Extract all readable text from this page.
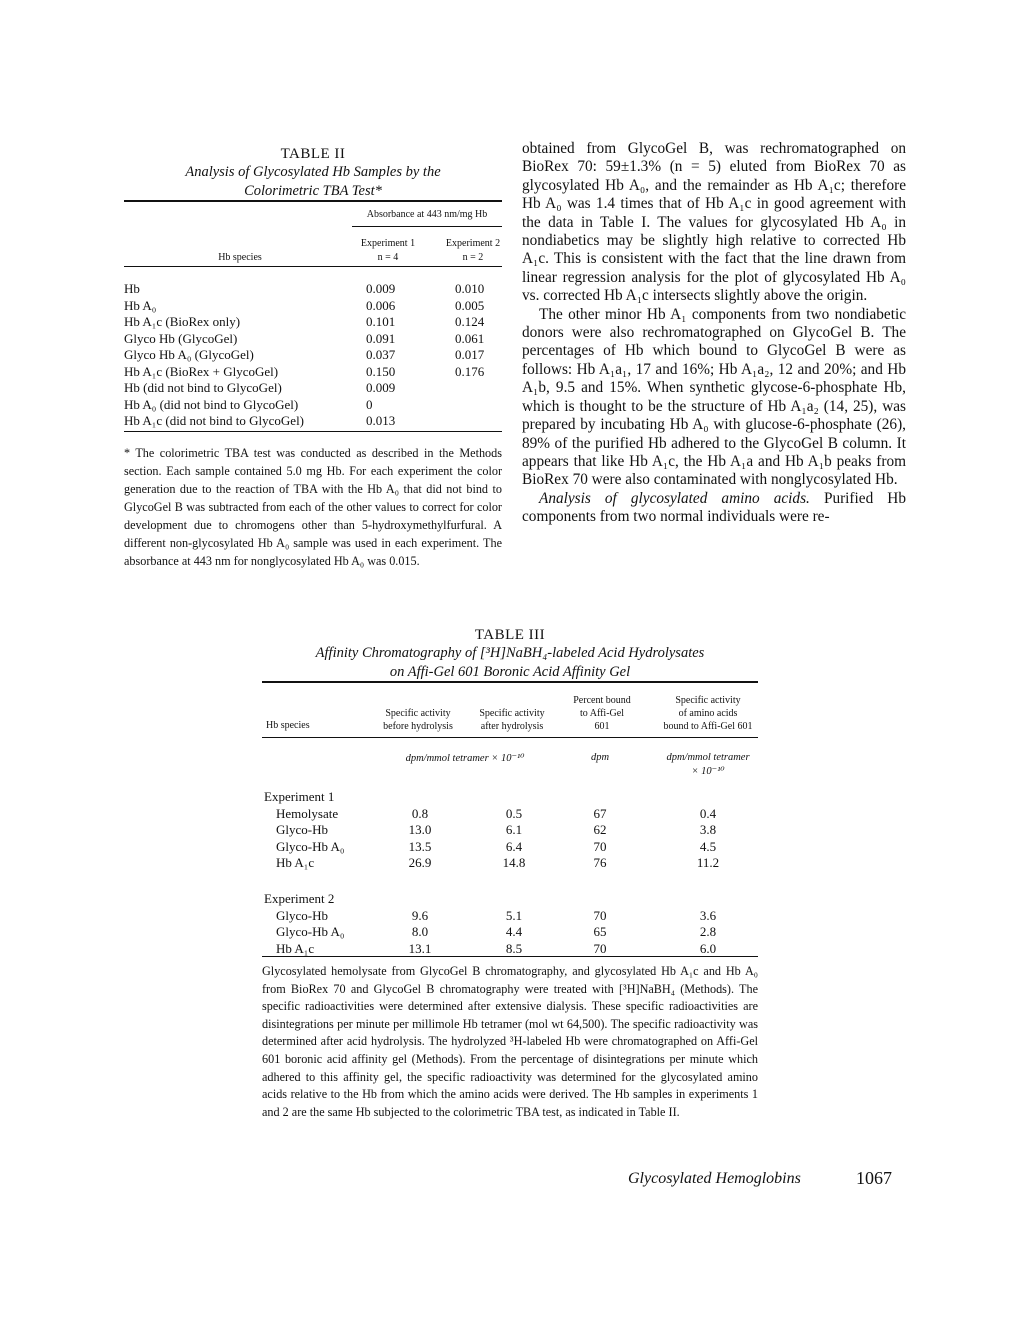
TABLE II
Analysis of Glycosylated Hb Samples by the
Colorimetric TBA Test*
Absorbance at 443 nm/mg Hb
Experiment 1
n = 4
Experiment 2
n = 2
Hb species
Hb	0.009	0.010
Hb A₀	0.006	0.005
Hb A₁c (BioRex only)	0.101	0.124
Glyco Hb (GlycoGel)	0.091	0.061
Glyco Hb A₀ (GlycoGel)	0.037	0.017
Hb A₁c (BioRex + GlycoGel)	0.150	0.176
Hb (did not bind to GlycoGel)	0.009
Hb A₀ (did not bind to GlycoGel)	0
Hb A₁c (did not bind to GlycoGel)	0.013
* The colorimetric TBA test was conducted as described in the Methods section. Each sample contained 5.0 mg Hb. For each experiment the color generation due to the reaction of TBA with the Hb A₀ that did not bind to GlycoGel B was subtracted from each of the other values to correct for color development due to chromogens other than 5-hydroxymethylfurfural. A different non-glycosylated Hb A₀ sample was used in each experiment. The absorbance at 443 nm for nonglycosylated Hb A₀ was 0.015.

obtained from GlycoGel B, was rechromatographed on BioRex 70: 59±1.3% (n = 5) eluted from BioRex 70 as glycosylated Hb A₀, and the remainder as Hb A₁c; therefore Hb A₀ was 1.4 times that of Hb A₁c in good agreement with the data in Table I. The values for glycosylated Hb A₀ in nondiabetics may be slightly high relative to corrected Hb A₁c. This is consistent with the fact that the line drawn from linear regression analysis for the plot of glycosylated Hb A₀ vs. corrected Hb A₁c intersects slightly above the origin.

The other minor Hb A₁ components from two nondiabetic donors were also rechromatographed on GlycoGel B. The percentages of Hb which bound to GlycoGel B were as follows: Hb A₁a₁, 17 and 16%; Hb A₁a₂, 12 and 20%; and Hb A₁b, 9.5 and 15%. When synthetic glycose-6-phosphate Hb, which is thought to be the structure of Hb A₁a₂ (14, 25), was prepared by incubating Hb A₀ with glucose-6-phosphate (26), 89% of the purified Hb adhered to the GlycoGel B column. It appears that like Hb A₁c, the Hb A₁a and Hb A₁b peaks from BioRex 70 were also contaminated with nonglycosylated Hb.

Analysis of glycosylated amino acids. Purified Hb components from two normal individuals were re-

TABLE III
Affinity Chromatography of [³H]NaBH₄-labeled Acid Hydrolysates
on Affi-Gel 601 Boronic Acid Affinity Gel
Hb species
Specific activity
before hydrolysis
Specific activity
after hydrolysis
Percent bound
to Affi-Gel
601
Specific activity
of amino acids
bound to Affi-Gel 601
dpm/mmol tetramer × 10⁻¹⁰	dpm	dpm/mmol tetramer
× 10⁻¹⁰
Experiment 1
Hemolysate	0.8	0.5	67	0.4
Glyco-Hb	13.0	6.1	62	3.8
Glyco-Hb A₀	13.5	6.4	70	4.5
Hb A₁c	26.9	14.8	76	11.2
Experiment 2
Glyco-Hb	9.6	5.1	70	3.6
Glyco-Hb A₀	8.0	4.4	65	2.8
Hb A₁c	13.1	8.5	70	6.0
Glycosylated hemolysate from GlycoGel B chromatography, and glycosylated Hb A₁c and Hb A₀ from BioRex 70 and GlycoGel B chromatography were treated with [³H]NaBH₄ (Methods). The specific radioactivities were determined after extensive dialysis. These specific radioactivities are disintegrations per minute per millimole Hb tetramer (mol wt 64,500). The specific radioactivity was determined after acid hydrolysis. The hydrolyzed ³H-labeled Hb were chromatographed on Affi-Gel 601 boronic acid affinity gel (Methods). From the percentage of disintegrations per minute which adhered to this affinity gel, the specific radioactivity was determined for the glycosylated amino acids relative to the Hb from which the amino acids were derived. The Hb samples in experiments 1 and 2 are the same Hb subjected to the colorimetric TBA test, as indicated in Table II.
Glycosylated Hemoglobins	1067
